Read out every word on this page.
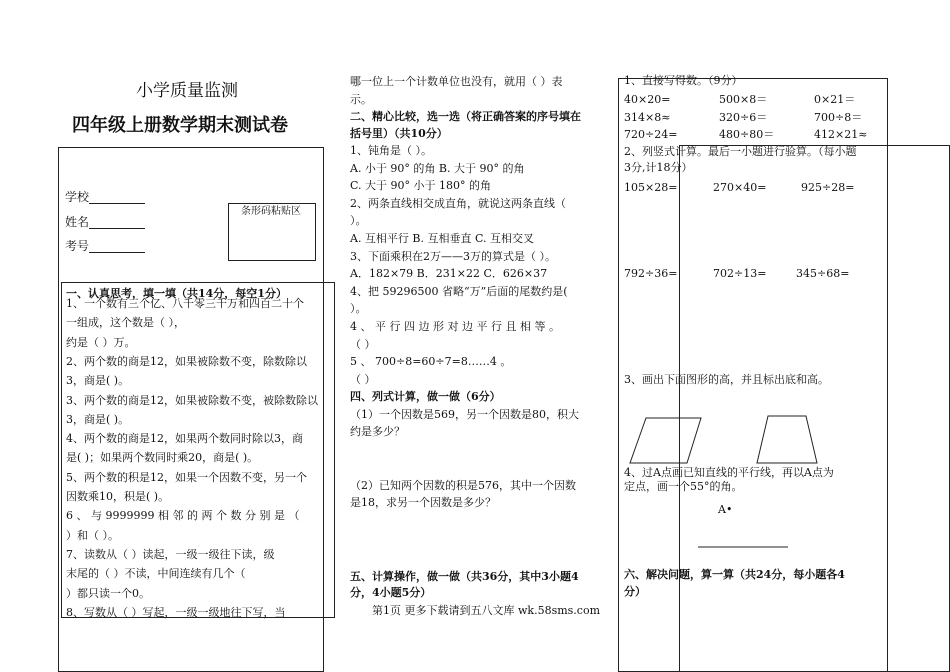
小学质量监测
四年级上册数学期末测试卷
学校
姓名
考号
条形码粘贴区
一、认真思考，填一填（共14分，每空1分）
1、一个数有三个亿、八千零三千万和四百二十个
一组成，这个数是（ ），
约是（ ）万。
2、两个数的商是12，如果被除数不变，除数除以
3，商是( )。
3、两个数的商是12，如果被除数不变，被除数除以
3，商是( )。
4、两个数的商是12，如果两个数同时除以3，商
是( )；如果两个数同时乘20，商是( )。
5、两个数的积是12，如果一个因数不变，另一个
因数乘10，积是( )。
6 、 与 9999999 相 邻 的 两 个 数 分 别 是 （
）和（ ）。
7、读数从（ ）读起，一级一级往下读，级
末尾的（ ）不读，中间连续有几个（
）都只读一个0。
8、写数从（ ）写起，一级一级地往下写，当
哪一位上一个计数单位也没有，就用（ ）表
示。
二、精心比较，选一选（将正确答案的序号填在
括号里）（共10分）
1、钝角是（ ）。
A. 小于 90° 的角 B. 大于 90° 的角
C. 大于 90° 小于 180° 的角
2、两条直线相交成直角，就说这两条直线（
）。
A. 互相平行 B. 互相垂直 C. 互相交叉
3、下面乘积在2万——3万的算式是（ ）。
A．182×79 B．231×22 C．626×37
4、把 59296500 省略“万”后面的尾数约是(
）。
4 、 平 行 四 边 形 对 边 平 行 且 相 等 。
（ ）
5 、 700÷8=60÷7=8……4 。
（ ）
四、列式计算，做一做（6分）
（1）一个因数是569，另一个因数是80，积大
约是多少？
（2）已知两个因数的积是576，其中一个因数
是18，求另一个因数是多少？
五、计算操作，做一做（共36分，其中3小题4
分，4小题5分）
第1页 更多下载请到五八文库 wk.58sms.com
1、直接写得数。（9分）
40×20=	500×8＝	0×21＝
314×8≈	320÷6＝	700÷8＝
720÷24=	480÷80＝	412×21≈
2、列竖式计算。最后一小题进行验算。（每小题
3分,计18分）
105×28=	270×40=	925÷28=
792÷36=	702÷13=	345÷68=
3、画出下面图形的高，并且标出底和高。
4、过A点画已知直线的平行线，再以A点为
定点，画一个55°的角。
A•
六、解决问题，算一算（共24分，每小题各4
分）
